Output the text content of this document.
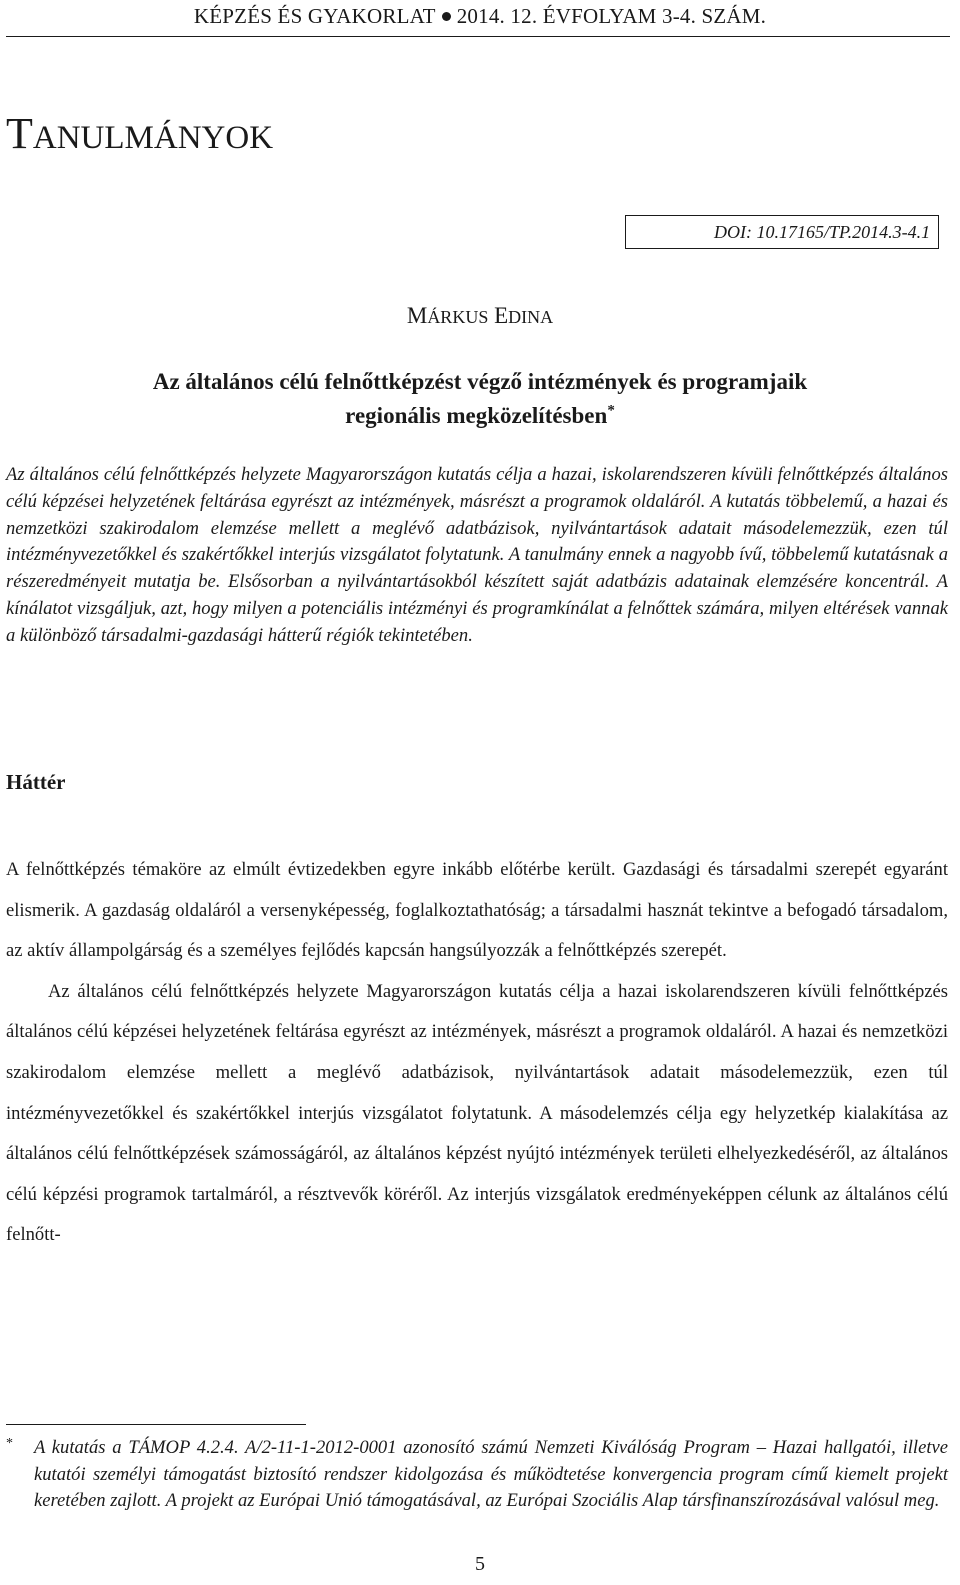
KÉPZÉS ÉS GYAKORLAT 2014. 12. ÉVFOLYAM 3-4. SZÁM.
TANULMÁNYOK
DOI: 10.17165/TP.2014.3-4.1
MÁRKUS EDINA
Az általános célú felnőttképzést végző intézmények és programjaik
regionális megközelítésben*

Az általános célú felnőttképzés helyzete Magyarországon kutatás célja a hazai, iskolarendszeren kívüli felnőttképzés általános célú képzései helyzetének feltárása egyrészt az intézmények, másrészt a programok oldaláról. A kutatás többelemű, a hazai és nemzetközi szakirodalom elemzése mellett a meglévő adatbázisok, nyilvántartások adatait másodelemezzük, ezen túl intézményvezetőkkel és szakértőkkel interjús vizsgálatot folytatunk. A tanulmány ennek a nagyobb ívű, többelemű kutatásnak a részeredményeit mutatja be. Elsősorban a nyilvántartásokból készített saját adatbázis adatainak elemzésére koncentrál. A kínálatot vizsgáljuk, azt, hogy milyen a potenciális intézményi és programkínálat a felnőttek számára, milyen eltérések vannak a különböző társadalmi-gazdasági hátterű régiók tekintetében.

Háttér

A felnőttképzés témaköre az elmúlt évtizedekben egyre inkább előtérbe került. Gazdasági és társadalmi szerepét egyaránt elismerik. A gazdaság oldaláról a versenyképesség, foglalkoztathatóság; a társadalmi hasznát tekintve a befogadó társadalom, az aktív állampolgárság és a személyes fejlődés kapcsán hangsúlyozzák a felnőttképzés szerepét.

Az általános célú felnőttképzés helyzete Magyarországon kutatás célja a hazai iskolarendszeren kívüli felnőttképzés általános célú képzései helyzetének feltárása egyrészt az intézmények, másrészt a programok oldaláról. A hazai és nemzetközi szakirodalom elemzése mellett a meglévő adatbázisok, nyilvántartások adatait másodelemezzük, ezen túl intézményvezetőkkel és szakértőkkel interjús vizsgálatot folytatunk. A másodelemzés célja egy helyzetkép kialakítása az általános célú felnőttképzések számosságáról, az általános képzést nyújtó intézmények területi elhelyezkedéséről, az általános célú képzési programok tartalmáról, a résztvevők köréről. Az interjús vizsgálatok eredményeképpen célunk az általános célú felnőtt-

* A kutatás a TÁMOP 4.2.4. A/2-11-1-2012-0001 azonosító számú Nemzeti Kiválóság Program – Hazai hallgatói, illetve kutatói személyi támogatást biztosító rendszer kidolgozása és működtetése konvergencia program című kiemelt projekt keretében zajlott. A projekt az Európai Unió támogatásával, az Európai Szociális Alap társfinanszírozásával valósul meg.

5
